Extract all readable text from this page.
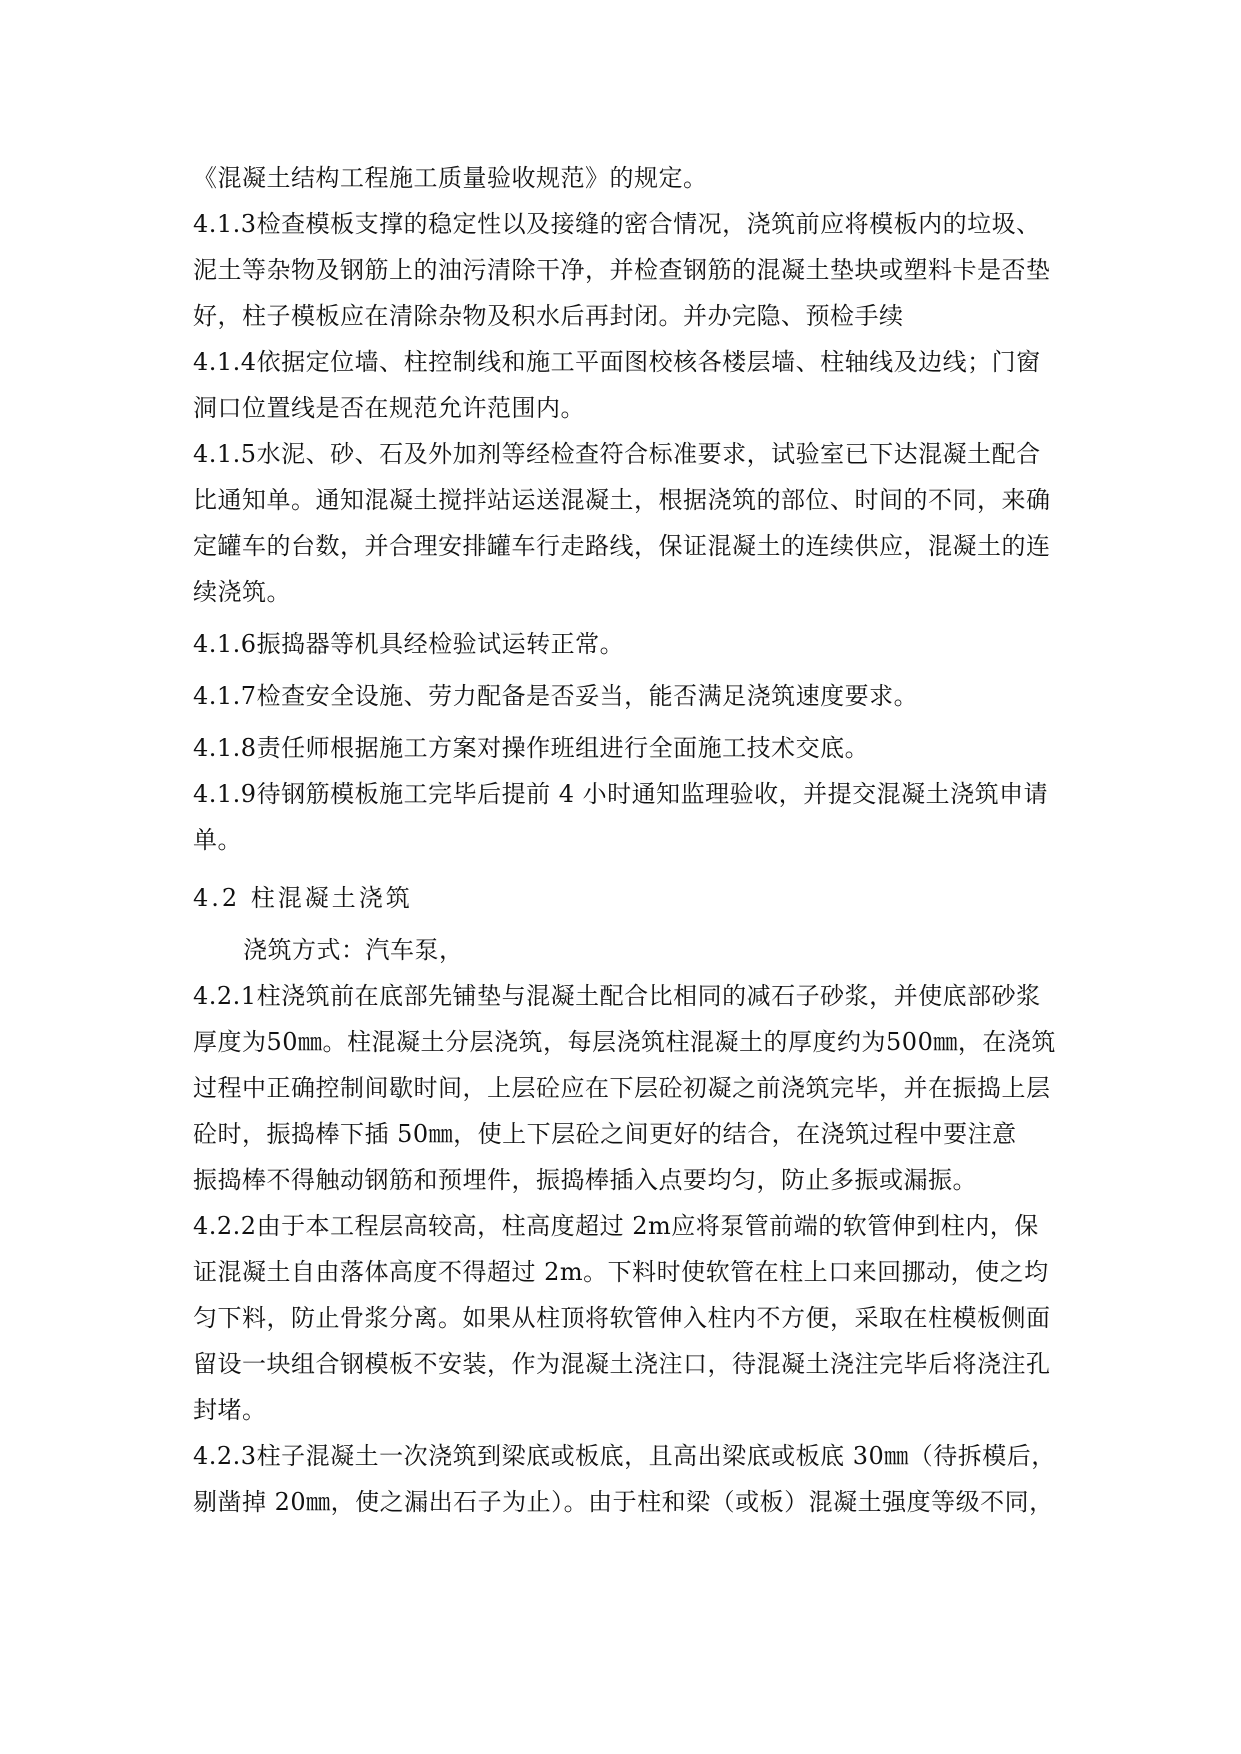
《混凝土结构工程施工质量验收规范》的规定。
4.1.3检查模板支撑的稳定性以及接缝的密合情况，浇筑前应将模板内的垃圾、
泥土等杂物及钢筋上的油污清除干净，并检查钢筋的混凝土垫块或塑料卡是否垫
好，柱子模板应在清除杂物及积水后再封闭。并办完隐、预检手续
4.1.4依据定位墙、柱控制线和施工平面图校核各楼层墙、柱轴线及边线；门窗
洞口位置线是否在规范允许范围内。
4.1.5水泥、砂、石及外加剂等经检查符合标准要求，试验室已下达混凝土配合
比通知单。通知混凝土搅拌站运送混凝土，根据浇筑的部位、时间的不同，来确
定罐车的台数，并合理安排罐车行走路线，保证混凝土的连续供应，混凝土的连
续浇筑。
4.1.6振捣器等机具经检验试运转正常。
4.1.7检查安全设施、劳力配备是否妥当，能否满足浇筑速度要求。
4.1.8责任师根据施工方案对操作班组进行全面施工技术交底。
4.1.9待钢筋模板施工完毕后提前 4 小时通知监理验收，并提交混凝土浇筑申请
单。
4.2 柱混凝土浇筑
浇筑方式：汽车泵，
4.2.1柱浇筑前在底部先铺垫与混凝土配合比相同的减石子砂浆，并使底部砂浆
厚度为50㎜。柱混凝土分层浇筑，每层浇筑柱混凝土的厚度约为500㎜，在浇筑
过程中正确控制间歇时间，上层砼应在下层砼初凝之前浇筑完毕，并在振捣上层
砼时，振捣棒下插 50㎜，使上下层砼之间更好的结合，在浇筑过程中要注意
振捣棒不得触动钢筋和预埋件，振捣棒插入点要均匀，防止多振或漏振。
4.2.2由于本工程层高较高，柱高度超过 2m应将泵管前端的软管伸到柱内，保
证混凝土自由落体高度不得超过 2m。下料时使软管在柱上口来回挪动，使之均
匀下料，防止骨浆分离。如果从柱顶将软管伸入柱内不方便，采取在柱模板侧面
留设一块组合钢模板不安装，作为混凝土浇注口，待混凝土浇注完毕后将浇注孔
封堵。
4.2.3柱子混凝土一次浇筑到梁底或板底，且高出梁底或板底 30㎜（待拆模后，
剔凿掉 20㎜，使之漏出石子为止）。由于柱和梁（或板）混凝土强度等级不同，
